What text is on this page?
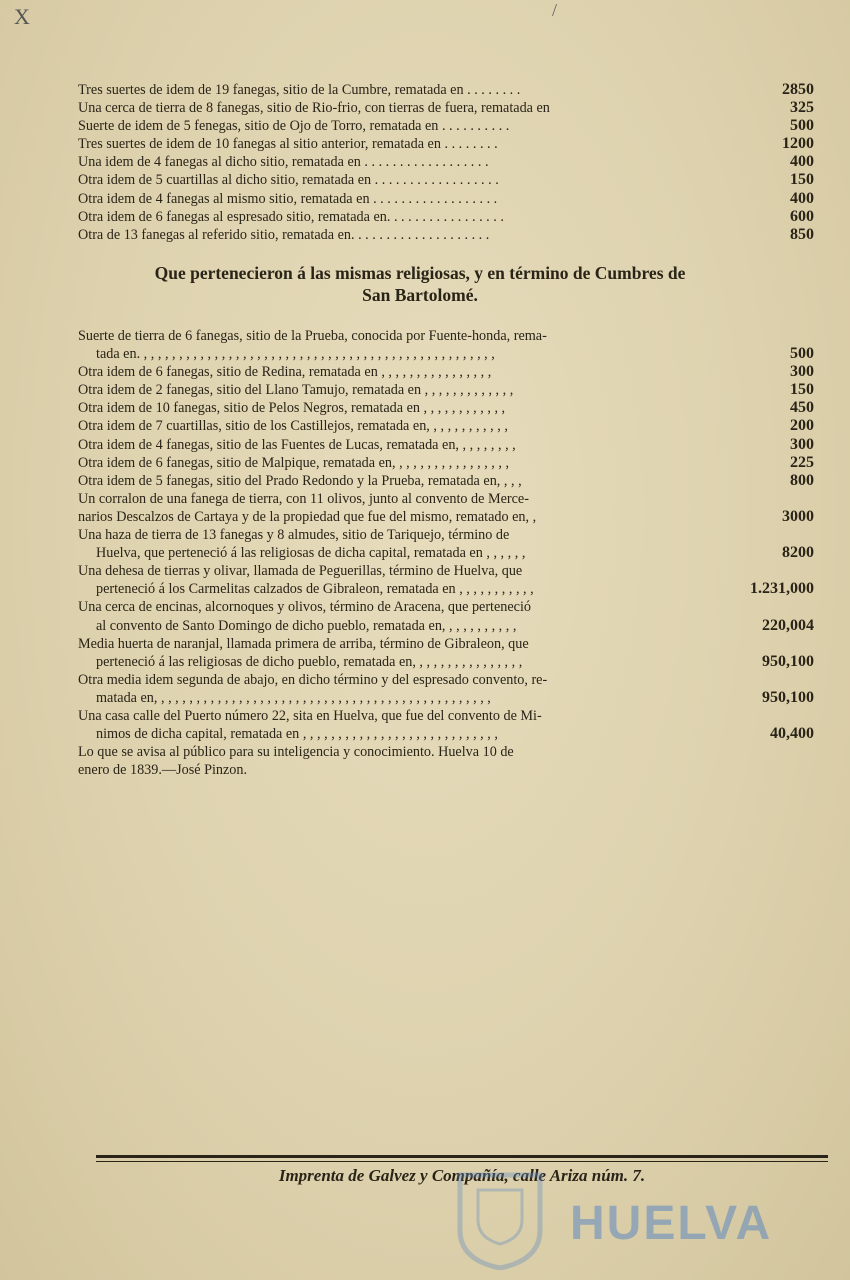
X	/
Tres suertes de idem de 19 fanegas, sitio de la Cumbre, rematada en . . . . . . . .	2850
Una cerca de tierra de 8 fanegas, sitio de Rio-frio, con tierras de fuera, rematada en	325
Suerte de idem de 5 fenegas, sitio de Ojo de Torro, rematada en . . . . . . . . . .	500
Tres suertes de idem de 10 fanegas al sitio anterior, rematada en . . . . . . . .	1200
Una idem de 4 fanegas al dicho sitio, rematada en . . . . . . . . . . . . . . . . . .	400
Otra idem de 5 cuartillas al dicho sitio, rematada en . . . . . . . . . . . . . . . . . .	150
Otra idem de 4 fanegas al mismo sitio, rematada en . . . . . . . . . . . . . . . . . .	400
Otra idem de 6 fanegas al espresado sitio, rematada en. . . . . . . . . . . . . . . . .	600
Otra de 13 fanegas al referido sitio, rematada en. . . . . . . . . . . . . . . . . . . .	850
Que pertenecieron á las mismas religiosas, y en término de Cumbres de
San Bartolomé.
Suerte de tierra de 6 fanegas, sitio de la Prueba, conocida por Fuente-honda, rema-
tada en. , , , , , , , , , , , , , , , , , , , , , , , , , , , , , , , , , , , , , , , , , , , , , , , , , ,	500
Otra idem de 6 fanegas, sitio de Redina, rematada en , , , , , , , , , , , , , , , ,	300
Otra idem de 2 fanegas, sitio del Llano Tamujo, rematada en , , , , , , , , , , , , ,	150
Otra idem de 10 fanegas, sitio de Pelos Negros, rematada en , , , , , , , , , , , ,	450
Otra idem de 7 cuartillas, sitio de los Castillejos, rematada en, , , , , , , , , , , ,	200
Otra idem de 4 fanegas, sitio de las Fuentes de Lucas, rematada en, , , , , , , , ,	300
Otra idem de 6 fanegas, sitio de Malpique, rematada en, , , , , , , , , , , , , , , , ,	225
Otra idem de 5 fanegas, sitio del Prado Redondo y la Prueba, rematada en, , , ,	800
Un corralon de una fanega de tierra, con 11 olivos, junto al convento de Merce-
narios Descalzos de Cartaya y de la propiedad que fue del mismo, rematado en, ,	3000
Una haza de tierra de 13 fanegas y 8 almudes, sitio de Tariquejo, término de
Huelva, que perteneció á las religiosas de dicha capital, rematada en , , , , , ,	8200
Una dehesa de tierras y olivar, llamada de Peguerillas, término de Huelva, que
perteneció á los Carmelitas calzados de Gibraleon, rematada en , , , , , , , , , , ,	1.231,000
Una cerca de encinas, alcornoques y olivos, término de Aracena, que perteneció
al convento de Santo Domingo de dicho pueblo, rematada en, , , , , , , , , , ,	220,004
Media huerta de naranjal, llamada primera de arriba, término de Gibraleon, que
perteneció á las religiosas de dicho pueblo, rematada en, , , , , , , , , , , , , , , ,	950,100
Otra media idem segunda de abajo, en dicho término y del espresado convento, re-
matada en, , , , , , , , , , , , , , , , , , , , , , , , , , , , , , , , , , , , , , , , , , , , , , , ,	950,100
Una casa calle del Puerto número 22, sita en Huelva, que fue del convento de Mi-
nimos de dicha capital, rematada en , , , , , , , , , , , , , , , , , , , , , , , , , , , ,	40,400
Lo que se avisa al público para su inteligencia y conocimiento. Huelva 10 de
enero de 1839.—José Pinzon.
Imprenta de Galvez y Compañía, calle Ariza núm. 7.
HUELVA
